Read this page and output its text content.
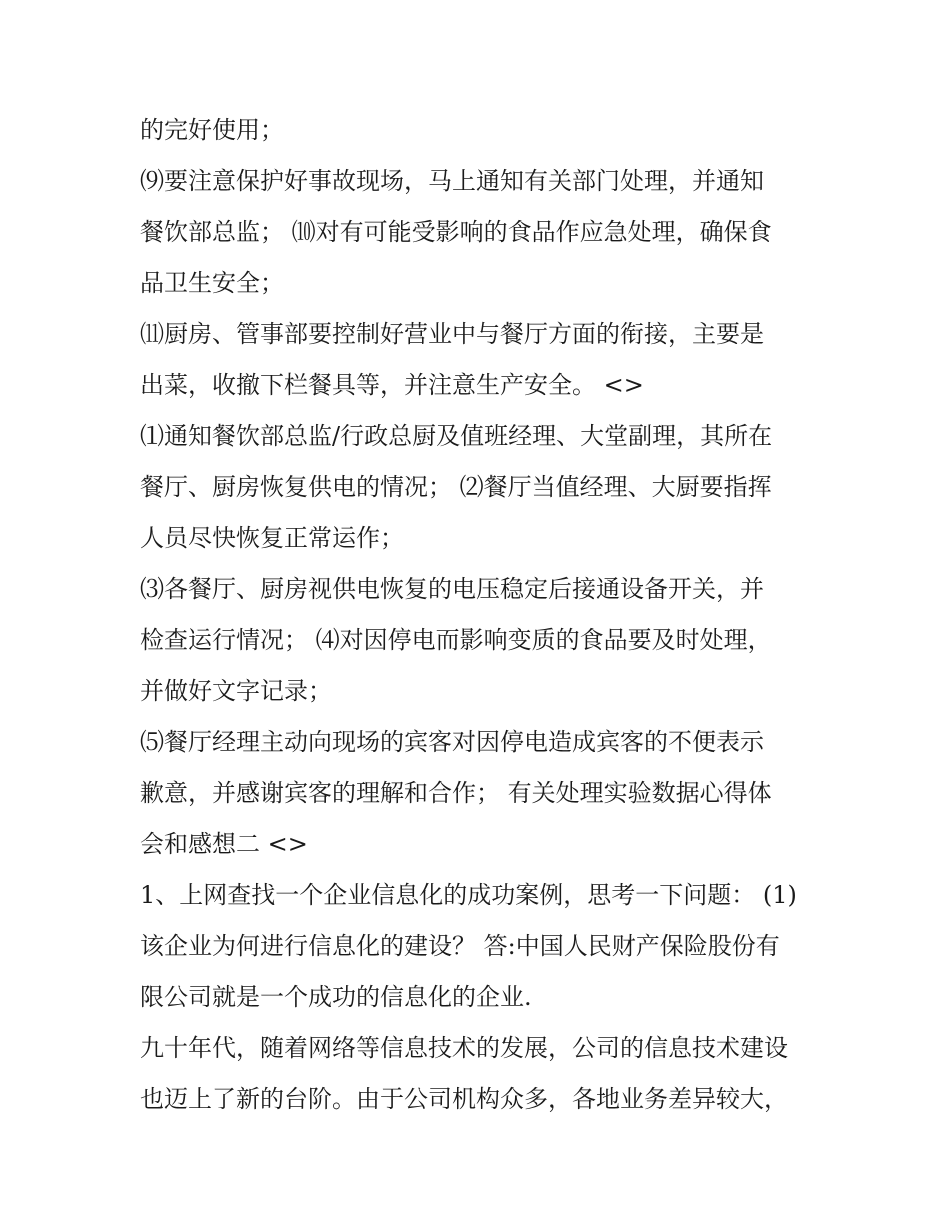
的完好使用；
⑼要注意保护好事故现场，马上通知有关部门处理，并通知
餐饮部总监； ⑽对有可能受影响的食品作应急处理，确保食
品卫生安全；
⑾厨房、管事部要控制好营业中与餐厅方面的衔接，主要是
出菜，收撤下栏餐具等，并注意生产安全。 <>
⑴通知餐饮部总监/行政总厨及值班经理、大堂副理，其所在
餐厅、厨房恢复供电的情况； ⑵餐厅当值经理、大厨要指挥
人员尽快恢复正常运作；
⑶各餐厅、厨房视供电恢复的电压稳定后接通设备开关，并
检查运行情况； ⑷对因停电而影响变质的食品要及时处理，
并做好文字记录；
⑸餐厅经理主动向现场的宾客对因停电造成宾客的不便表示
歉意，并感谢宾客的理解和合作； 有关处理实验数据心得体
会和感想二 <>
1、上网查找一个企业信息化的成功案例，思考一下问题： (1)
该企业为何进行信息化的建设？ 答:中国人民财产保险股份有
限公司就是一个成功的信息化的企业.
九十年代，随着网络等信息技术的发展，公司的信息技术建设
也迈上了新的台阶。由于公司机构众多，各地业务差异较大，
